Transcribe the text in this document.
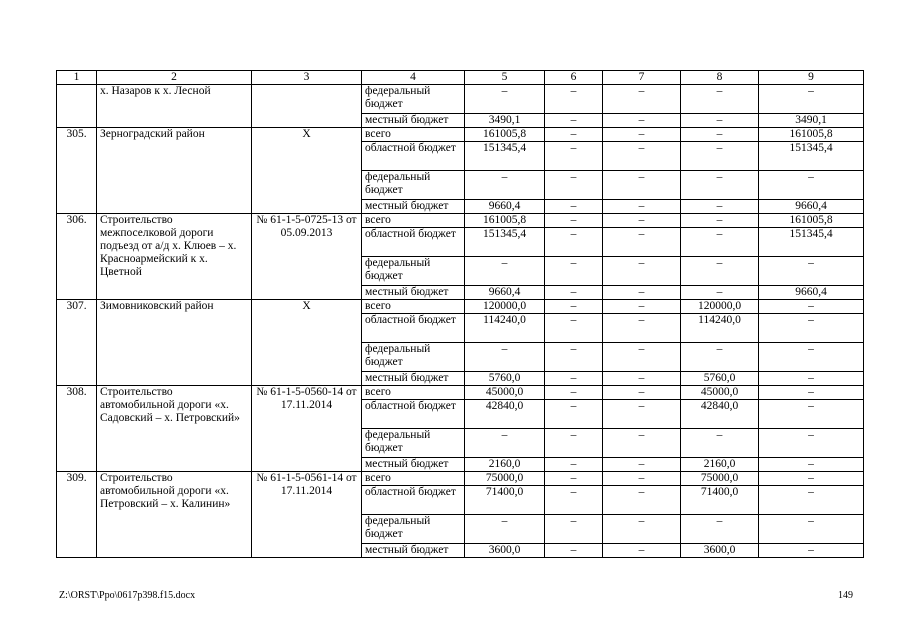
1	2	3	4	5	6	7	8	9
	х. Назаров к х. Лесной		федеральный бюджет	–	–	–	–	–
			местный бюджет	3490,1	–	–	–	3490,1
305.	Зерноградский район	Х	всего	161005,8	–	–	–	161005,8
			областной бюджет	151345,4	–	–	–	151345,4
			федеральный бюджет	–	–	–	–	–
			местный бюджет	9660,4	–	–	–	9660,4
306.	Строительство межпоселковой дороги подъезд от а/д х. Клюев – х. Красноармейский к х. Цветной	№ 61-1-5-0725-13 от 05.09.2013	всего	161005,8	–	–	–	161005,8
			областной бюджет	151345,4	–	–	–	151345,4
			федеральный бюджет	–	–	–	–	–
			местный бюджет	9660,4	–	–	–	9660,4
307.	Зимовниковский район	Х	всего	120000,0	–	–	120000,0	–
			областной бюджет	114240,0	–	–	114240,0	–
			федеральный бюджет	–	–	–	–	–
			местный бюджет	5760,0	–	–	5760,0	–
308.	Строительство автомобильной дороги «х. Садовский – х. Петровский»	№ 61-1-5-0560-14 от 17.11.2014	всего	45000,0	–	–	45000,0	–
			областной бюджет	42840,0	–	–	42840,0	–
			федеральный бюджет	–	–	–	–	–
			местный бюджет	2160,0	–	–	2160,0	–
309.	Строительство автомобильной дороги «х. Петровский – х. Калинин»	№ 61-1-5-0561-14 от 17.11.2014	всего	75000,0	–	–	75000,0	–
			областной бюджет	71400,0	–	–	71400,0	–
			федеральный бюджет	–	–	–	–	–
			местный бюджет	3600,0	–	–	3600,0	–
Z:\ORST\Ppo\0617p398.f15.docx	149
